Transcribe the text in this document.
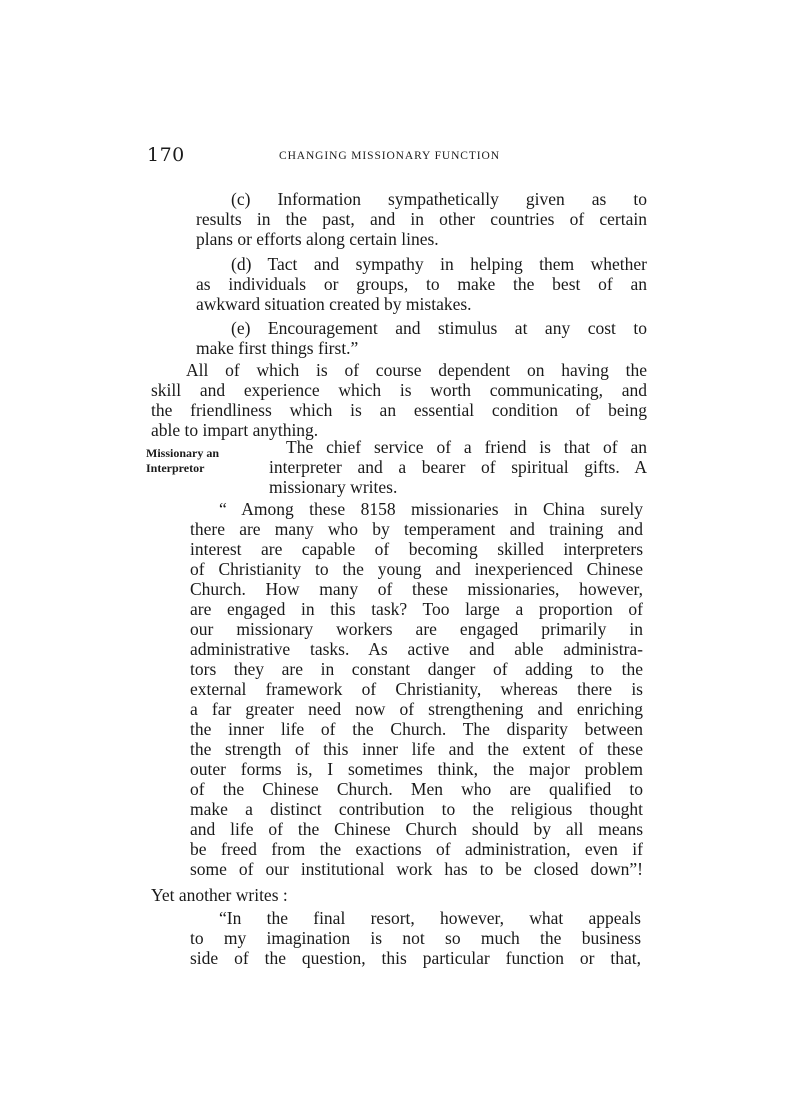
170	CHANGING MISSIONARY FUNCTION
(c) Information sympathetically given as to
results in the past, and in other countries of certain
plans or efforts along certain lines.
(d) Tact and sympathy in helping them whether
as individuals or groups, to make the best of an
awkward situation created by mistakes.
(e) Encouragement and stimulus at any cost to
make first things first.”
All of which is of course dependent on having the
skill and experience which is worth communicating, and
the friendliness which is an essential condition of being
able to impart anything.
Missionary an
Interpretor
The chief service of a friend is that of an
interpreter and a bearer of spiritual gifts. A
missionary writes.
“ Among these 8158 missionaries in China surely
there are many who by temperament and training and
interest are capable of becoming skilled interpreters
of Christianity to the young and inexperienced Chinese
Church. How many of these missionaries, however,
are engaged in this task? Too large a proportion of
our missionary workers are engaged primarily in
administrative tasks. As active and able administra-
tors they are in constant danger of adding to the
external framework of Christianity, whereas there is
a far greater need now of strengthening and enriching
the inner life of the Church. The disparity between
the strength of this inner life and the extent of these
outer forms is, I sometimes think, the major problem
of the Chinese Church. Men who are qualified to
make a distinct contribution to the religious thought
and life of the Chinese Church should by all means
be freed from the exactions of administration, even if
some of our institutional work has to be closed down”!
Yet another writes :
“In the final resort, however, what appeals
to my imagination is not so much the business
side of the question, this particular function or that,
